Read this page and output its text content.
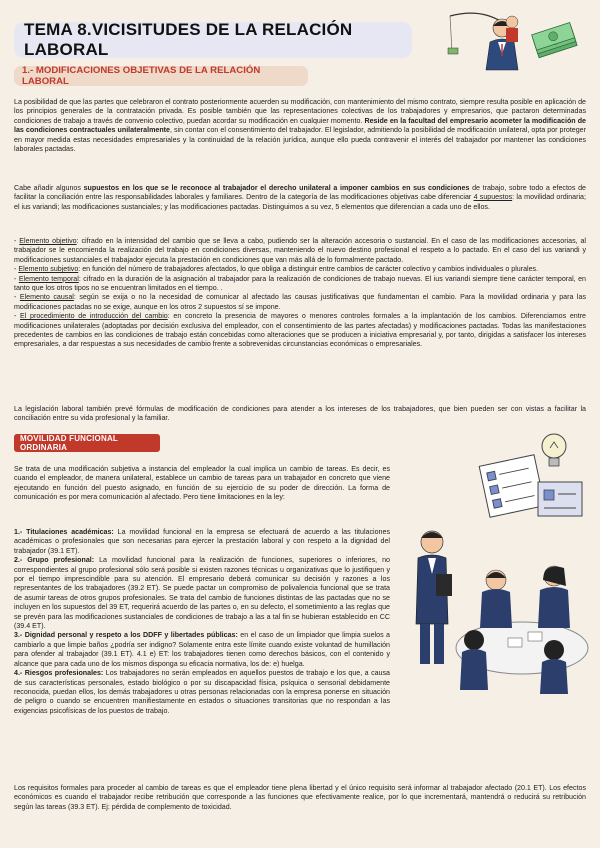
TEMA 8.VICISITUDES DE LA RELACIÓN LABORAL
1.- MODIFICACIONES OBJETIVAS DE LA RELACIÓN LABORAL

La posibilidad de que las partes que celebraron el contrato posteriormente acuerden su modificación, con mantenimiento del mismo contrato, siempre resulta posible en aplicación de los principios generales de la contratación privada. Es posible también que las representaciones colectivas de los trabajadores y empresarios, que pactaron determinadas condiciones de trabajo a través de convenio colectivo, puedan acordar su modificación en cualquier momento. Reside en la facultad del empresario acometer la modificación de las condiciones contractuales unilateralmente, sin contar con el consentimiento del trabajador. El legislador, admitiendo la posibilidad de modificación unilateral, opta por proteger en mayor medida estas necesidades empresariales y la continuidad de la relación jurídica, aunque ello pueda contravenir el interés del trabajador por mantener las condiciones laborales pactadas.

Cabe añadir algunos supuestos en los que se le reconoce al trabajador el derecho unilateral a imponer cambios en sus condiciones de trabajo, sobre todo a efectos de facilitar la conciliación entre las responsabilidades laborales y familiares. Dentro de la categoría de las modificaciones objetivas cabe diferenciar 4 supuestos: la movilidad ordinaria; el ius variandi; las modificaciones sustanciales; y las modificaciones pactadas. Distinguimos a su vez, 5 elementos que diferencian a cada uno de ellos.

- Elemento objetivo: cifrado en la intensidad del cambio que se lleva a cabo, pudiendo ser la alteración accesoria o sustancial. En el caso de las modificaciones accesorias, al trabajador se le encomienda la realización del trabajo en condiciones diversas, manteniendo el nuevo destino profesional el respeto a lo pactado. En el caso del ius variandi y modificaciones sustanciales el trabajador ejecuta la prestación en condiciones que van más allá de lo formalmente pactado.

- Elemento subjetivo: en función del número de trabajadores afectados, lo que obliga a distinguir entre cambios de carácter colectivo y cambios individuales o plurales.

- Elemento temporal: cifrado en la duración de la asignación al trabajador para la realización de condiciones de trabajo nuevas. El ius variandi siempre tiene carácter temporal, en tanto que los otros tipos no se encuentran limitados en el tiempo. .

- Elemento causal: según se exija o no la necesidad de comunicar al afectado las causas justificativas que fundamentan el cambio. Para la movilidad ordinaria y para las modificaciones pactadas no se exige, aunque en los otros 2 supuestos sí se impone.

- El procedimiento de introducción del cambio: en concreto la presencia de mayores o menores controles formales a la implantación de los cambios. Diferenciamos entre modificaciones unilaterales (adoptadas por decisión exclusiva del empleador, con el consentimiento de las partes afectadas) y modificaciones pactadas. Todas las manifestaciones precedentes de cambios en las condiciones de trabajo están concebidas como alteraciones que se producen a iniciativa empresarial y, por tanto, dirigidas a satisfacer los intereses empresariales, a dar respuestas a sus necesidades de cambio frente a sobrevenidas circunstancias económicas o empresariales.

La legislación laboral también prevé fórmulas de modificación de condiciones para atender a los intereses de los trabajadores, que bien pueden ser con vistas a facilitar la conciliación entre su vida profesional y la familiar.

MOVILIDAD FUNCIONAL ORDINARIA

Se trata de una modificación subjetiva a instancia del empleador la cual implica un cambio de tareas. Es decir, es cuando el empleador, de manera unilateral, establece un cambio de tareas para un trabajador en concreto que viene ejecutando en función del puesto asignado, en función de su ejercicio de su poder de dirección. La forma de comunicación es por mera comunicación al afectado. Pero tiene limitaciones en la ley:

1.- Titulaciones académicas: La movilidad funcional en la empresa se efectuará de acuerdo a las titulaciones académicas o profesionales que son necesarias para ejercer la prestación laboral y con respeto a la dignidad del trabajador (39.1 ET).

2.- Grupo profesional: La movilidad funcional para la realización de funciones, superiores o inferiores, no correspondientes al grupo profesional sólo será posible si existen razones técnicas u organizativas que lo justifiquen y por el tiempo imprescindible para su atención. El empresario deberá comunicar su decisión y razones a los representantes de los trabajadores (39.2 ET). Se puede pactar un compromiso de polivalencia funcional que se trata de asumir tareas de otros grupos profesionales. Se trata del cambio de funciones distintas de las pactadas que no se incluyen en los supuestos del 39 ET, requerirá acuerdo de las partes o, en su defecto, el sometimiento a las reglas que se prevén para las modificaciones sustanciales de condiciones de trabajo a las a tal fin se hubieran establecido en CC (39.4 ET).

3.- Dignidad personal y respeto a los DDFF y libertades públicas: en el caso de un limpiador que limpia suelos a cambiarlo a que limpie baños ¿podría ser indigno? Solamente entra este límite cuando existe voluntad de humillación para ofender al trabajador (39.1 ET). 4.1 e) ET: los trabajadores tienen como derechos básicos, con el contenido y alcance que para cada uno de los mismos disponga su eficacia normativa, los de: e) huelga.

4.- Riesgos profesionales: Los trabajadores no serán empleados en aquellos puestos de trabajo e los que, a causa de sus características personales, estado biológico o por su discapacidad física, psíquica o sensorial debidamente reconocida, puedan ellos, los demás trabajadores u otras personas relacionadas con la empresa ponerse en situación de peligro o cuando se encuentren manifiestamente en estados o situaciones transitorias que no respondan a las exigencias psicofísicas de los puestos de trabajo.

Los requisitos formales para proceder al cambio de tareas es que el empleador tiene plena libertad y el único requisito será informar al trabajador afectado (20.1 ET). Los efectos económicos es cuando el trabajador recibe retribución que corresponde a las funciones que efectivamente realice, por lo que incrementará, mantendrá o reducirá su retribución según las tareas (39.3 ET). Ej: pérdida de complemento de toxicidad.
